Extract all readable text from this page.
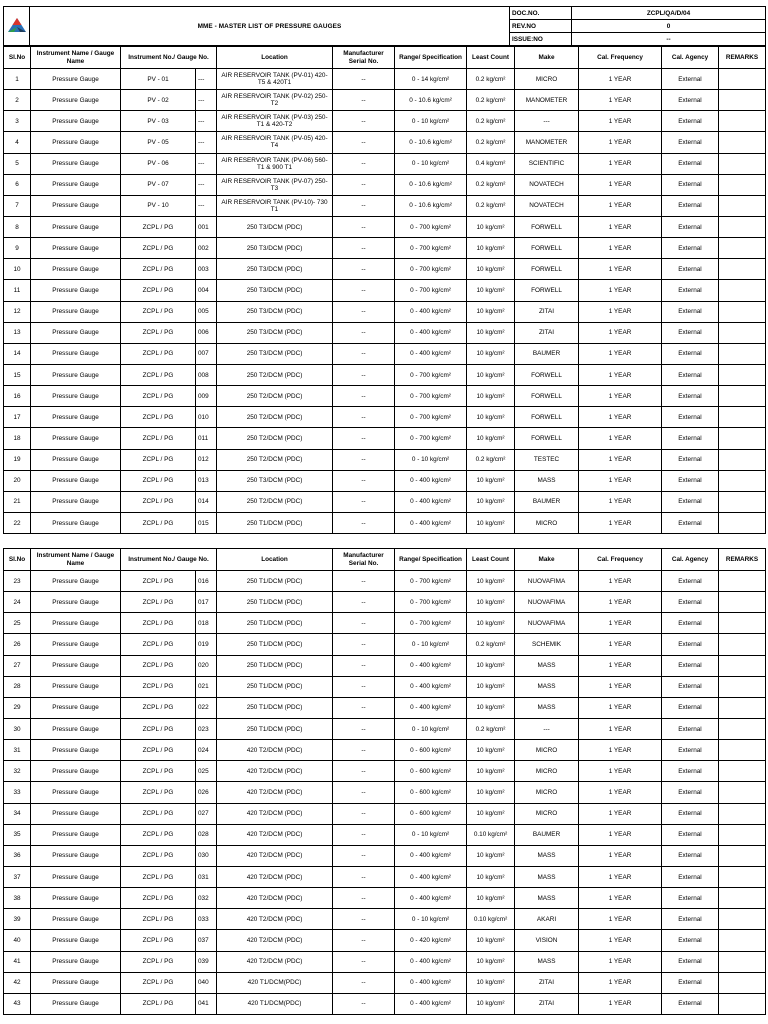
	MME - MASTER LIST OF PRESSURE GAUGES	DOC.NO.	ZCPL/QA/D/04
		REV.NO	0
		ISSUE:NO	--
Sl.No	Instrument Name / Gauge Name	Instrument No./ Gauge No.		Location	Manufacturer Serial No.	Range/ Specification	Least Count	Make	Cal. Frequency	Cal. Agency	REMARKS
1	Pressure Gauge	PV - 01	---	AIR RESERVOIR TANK (PV-01) 420-T5 & 420T1	--	0 - 14 kg/cm²	0.2 kg/cm²	MICRO	1 YEAR	External	
2	Pressure Gauge	PV - 02	---	AIR RESERVOIR TANK (PV-02) 250-T2	--	0 - 10.6 kg/cm²	0.2 kg/cm²	MANOMETER	1 YEAR	External	
3	Pressure Gauge	PV - 03	---	AIR RESERVOIR TANK (PV-03) 250-T1 & 420-T2	--	0 - 10 kg/cm²	0.2 kg/cm²	---	1 YEAR	External	
4	Pressure Gauge	PV - 05	---	AIR RESERVOIR TANK (PV-05) 420-T4	--	0 - 10.6 kg/cm²	0.2 kg/cm²	MANOMETER	1 YEAR	External	
5	Pressure Gauge	PV - 06	---	AIR RESERVOIR TANK (PV-06) 560-T1 & 900 T1	--	0 - 10 kg/cm²	0.4 kg/cm²	SCIENTIFIC	1 YEAR	External	
6	Pressure Gauge	PV - 07	---	AIR RESERVOIR TANK (PV-07) 250-T3	--	0 - 10.6 kg/cm²	0.2 kg/cm²	NOVATECH	1 YEAR	External	
7	Pressure Gauge	PV - 10	---	AIR RESERVOIR TANK (PV-10)- 730 T1	--	0 - 10.6 kg/cm²	0.2 kg/cm²	NOVATECH	1 YEAR	External	
8	Pressure Gauge	ZCPL / PG	001	250 T3/DCM (PDC)	--	0 - 700 kg/cm²	10 kg/cm²	FORWELL	1 YEAR	External	
9	Pressure Gauge	ZCPL / PG	002	250 T3/DCM (PDC)	--	0 - 700 kg/cm²	10 kg/cm²	FORWELL	1 YEAR	External	
10	Pressure Gauge	ZCPL / PG	003	250 T3/DCM (PDC)	--	0 - 700 kg/cm²	10 kg/cm²	FORWELL	1 YEAR	External	
11	Pressure Gauge	ZCPL / PG	004	250 T3/DCM (PDC)	--	0 - 700 kg/cm²	10 kg/cm²	FORWELL	1 YEAR	External	
12	Pressure Gauge	ZCPL / PG	005	250 T3/DCM (PDC)	--	0 - 400 kg/cm²	10 kg/cm²	ZITAI	1 YEAR	External	
13	Pressure Gauge	ZCPL / PG	006	250 T3/DCM (PDC)	--	0 - 400 kg/cm²	10 kg/cm²	ZITAI	1 YEAR	External	
14	Pressure Gauge	ZCPL / PG	007	250 T3/DCM (PDC)	--	0 - 400 kg/cm²	10 kg/cm²	BAUMER	1 YEAR	External	
15	Pressure Gauge	ZCPL / PG	008	250 T2/DCM (PDC)	--	0 - 700 kg/cm²	10 kg/cm²	FORWELL	1 YEAR	External	
16	Pressure Gauge	ZCPL / PG	009	250 T2/DCM (PDC)	--	0 - 700 kg/cm²	10 kg/cm²	FORWELL	1 YEAR	External	
17	Pressure Gauge	ZCPL / PG	010	250 T2/DCM (PDC)	--	0 - 700 kg/cm²	10 kg/cm²	FORWELL	1 YEAR	External	
18	Pressure Gauge	ZCPL / PG	011	250 T2/DCM (PDC)	--	0 - 700 kg/cm²	10 kg/cm²	FORWELL	1 YEAR	External	
19	Pressure Gauge	ZCPL / PG	012	250 T2/DCM (PDC)	--	0 - 10 kg/cm²	0.2 kg/cm²	TESTEC	1 YEAR	External	
20	Pressure Gauge	ZCPL / PG	013	250 T3/DCM (PDC)	--	0 - 400 kg/cm²	10 kg/cm²	MASS	1 YEAR	External	
21	Pressure Gauge	ZCPL / PG	014	250 T2/DCM (PDC)	--	0 - 400 kg/cm²	10 kg/cm²	BAUMER	1 YEAR	External	
22	Pressure Gauge	ZCPL / PG	015	250 T1/DCM (PDC)	--	0 - 400 kg/cm²	10 kg/cm²	MICRO	1 YEAR	External	
Sl.No	Instrument Name / Gauge Name	Instrument No./ Gauge No.		Location	Manufacturer Serial No.	Range/ Specification	Least Count	Make	Cal. Frequency	Cal. Agency	REMARKS
23	Pressure Gauge	ZCPL / PG	016	250 T1/DCM (PDC)	--	0 - 700 kg/cm²	10 kg/cm²	NUOVAFIMA	1 YEAR	External	
24	Pressure Gauge	ZCPL / PG	017	250 T1/DCM (PDC)	--	0 - 700 kg/cm²	10 kg/cm²	NUOVAFIMA	1 YEAR	External	
25	Pressure Gauge	ZCPL / PG	018	250 T1/DCM (PDC)	--	0 - 700 kg/cm²	10 kg/cm²	NUOVAFIMA	1 YEAR	External	
26	Pressure Gauge	ZCPL / PG	019	250 T1/DCM (PDC)	--	0 - 10 kg/cm²	0.2 kg/cm²	SCHEMIK	1 YEAR	External	
27	Pressure Gauge	ZCPL / PG	020	250 T1/DCM (PDC)	--	0 - 400 kg/cm²	10 kg/cm²	MASS	1 YEAR	External	
28	Pressure Gauge	ZCPL / PG	021	250 T1/DCM (PDC)	--	0 - 400 kg/cm²	10 kg/cm²	MASS	1 YEAR	External	
29	Pressure Gauge	ZCPL / PG	022	250 T1/DCM (PDC)	--	0 - 400 kg/cm²	10 kg/cm²	MASS	1 YEAR	External	
30	Pressure Gauge	ZCPL / PG	023	250 T1/DCM (PDC)	--	0 - 10 kg/cm²	0.2 kg/cm²	---	1 YEAR	External	
31	Pressure Gauge	ZCPL / PG	024	420 T2/DCM (PDC)	--	0 - 600 kg/cm²	10 kg/cm²	MICRO	1 YEAR	External	
32	Pressure Gauge	ZCPL / PG	025	420 T2/DCM (PDC)	--	0 - 600 kg/cm²	10 kg/cm²	MICRO	1 YEAR	External	
33	Pressure Gauge	ZCPL / PG	026	420 T2/DCM (PDC)	--	0 - 600 kg/cm²	10 kg/cm²	MICRO	1 YEAR	External	
34	Pressure Gauge	ZCPL / PG	027	420 T2/DCM (PDC)	--	0 - 600 kg/cm²	10 kg/cm²	MICRO	1 YEAR	External	
35	Pressure Gauge	ZCPL / PG	028	420 T2/DCM (PDC)	--	0 - 10 kg/cm²	0.10 kg/cm²	BAUMER	1 YEAR	External	
36	Pressure Gauge	ZCPL / PG	030	420 T2/DCM (PDC)	--	0 - 400 kg/cm²	10 kg/cm²	MASS	1 YEAR	External	
37	Pressure Gauge	ZCPL / PG	031	420 T2/DCM (PDC)	--	0 - 400 kg/cm²	10 kg/cm²	MASS	1 YEAR	External	
38	Pressure Gauge	ZCPL / PG	032	420 T2/DCM (PDC)	--	0 - 400 kg/cm²	10 kg/cm²	MASS	1 YEAR	External	
39	Pressure Gauge	ZCPL / PG	033	420 T2/DCM (PDC)	--	0 - 10 kg/cm²	0.10 kg/cm²	AKARI	1 YEAR	External	
40	Pressure Gauge	ZCPL / PG	037	420 T2/DCM (PDC)	--	0 - 420 kg/cm²	10 kg/cm²	VISION	1 YEAR	External	
41	Pressure Gauge	ZCPL / PG	039	420 T2/DCM (PDC)	--	0 - 400 kg/cm²	10 kg/cm²	MASS	1 YEAR	External	
42	Pressure Gauge	ZCPL / PG	040	420 T1/DCM(PDC)	--	0 - 400 kg/cm²	10 kg/cm²	ZITAI	1 YEAR	External	
43	Pressure Gauge	ZCPL / PG	041	420 T1/DCM(PDC)	--	0 - 400 kg/cm²	10 kg/cm²	ZITAI	1 YEAR	External	
